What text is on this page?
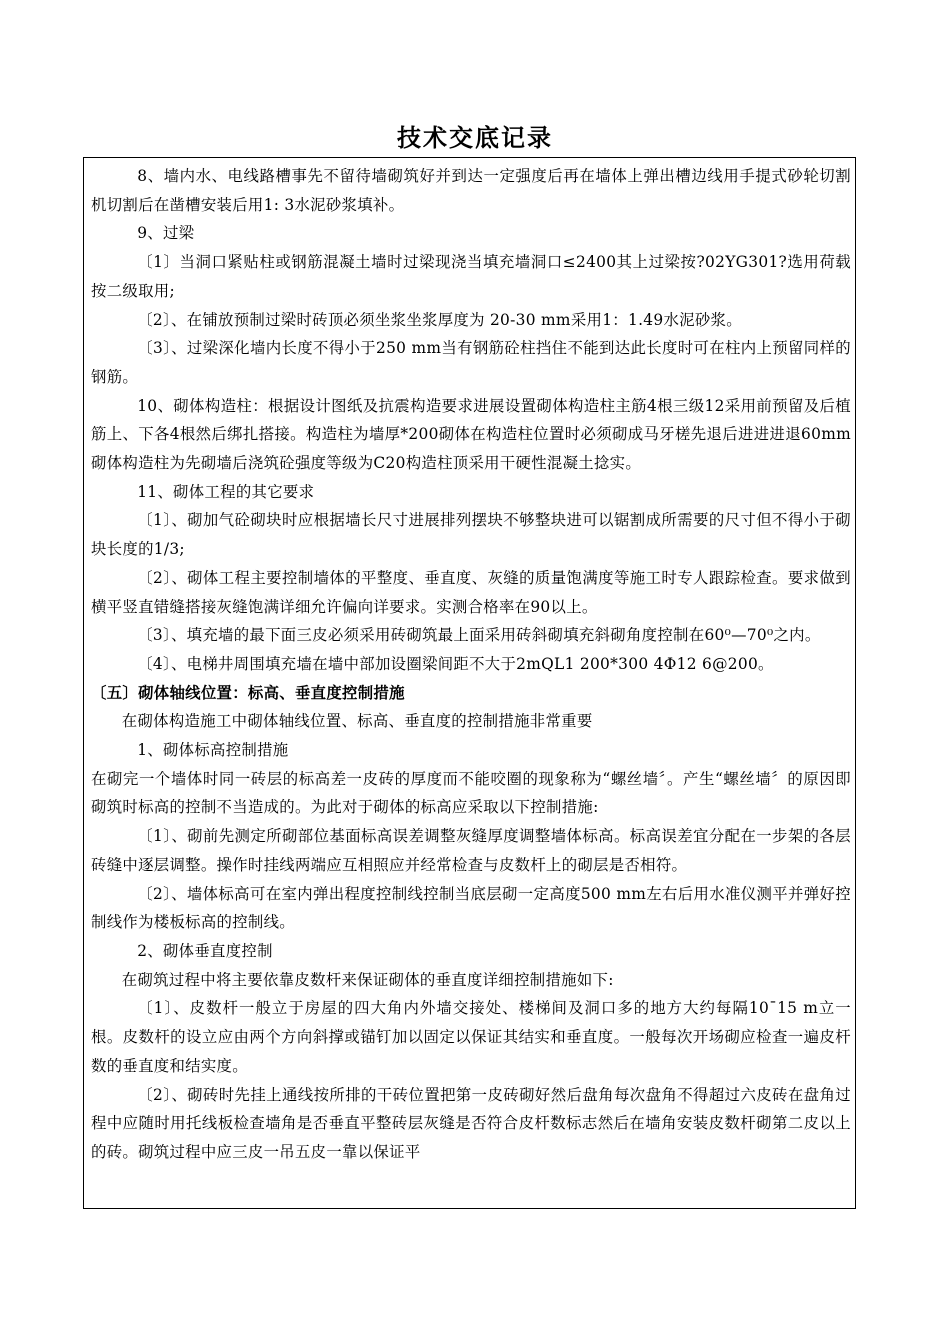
技术交底记录

8、墙内水、电线路槽事先不留待墙砌筑好并到达一定强度后再在墙体上弹出槽边线用手提式砂轮切割机切割后在凿槽安装后用1: 3水泥砂浆填补。

9、过梁

〔1〕当洞口紧贴柱或钢筋混凝土墙时过梁现浇当填充墙洞口≤2400其上过梁按?02YG301?选用荷载按二级取用;

〔2〕、在铺放预制过梁时砖顶必须坐浆坐浆厚度为 20-30 mm采用1：1.49水泥砂浆。

〔3〕、过梁深化墙内长度不得小于250 mm当有钢筋砼柱挡住不能到达此长度时可在柱内上预留同样的钢筋。

10、砌体构造柱：根据设计图纸及抗震构造要求进展设置砌体构造柱主筋4根三级12采用前预留及后植筋上、下各4根然后绑扎搭接。构造柱为墙厚*200砌体在构造柱位置时必须砌成马牙槎先退后进进进退60mm砌体构造柱为先砌墙后浇筑砼强度等级为C20构造柱顶采用干硬性混凝土捻实。

11、砌体工程的其它要求

〔1〕、砌加气砼砌块时应根据墙长尺寸进展排列摆块不够整块进可以锯割成所需要的尺寸但不得小于砌块长度的1/3;

〔2〕、砌体工程主要控制墙体的平整度、垂直度、灰缝的质量饱满度等施工时专人跟踪检查。要求做到横平竖直错缝搭接灰缝饱满详细允许偏向详要求。实测合格率在90以上。

〔3〕、填充墙的最下面三皮必须采用砖砌筑最上面采用砖斜砌填充斜砌角度控制在60⁰—70⁰之内。

〔4〕、电梯井周围填充墙在墙中部加设圈梁间距不大于2mQL1 200*300 4Φ12 6@200。

〔五〕砌体轴线位置：标高、垂直度控制措施

在砌体构造施工中砌体轴线位置、标高、垂直度的控制措施非常重要

1、砌体标高控制措施

在砌完一个墙体时同一砖层的标高差一皮砖的厚度而不能咬圈的现象称为“螺丝墙〞。产生“螺丝墙〞的原因即砌筑时标高的控制不当造成的。为此对于砌体的标高应采取以下控制措施:

〔1〕、砌前先测定所砌部位基面标高误差调整灰缝厚度调整墙体标高。标高误差宜分配在一步架的各层砖缝中逐层调整。操作时挂线两端应互相照应并经常检查与皮数杆上的砌层是否相符。

〔2〕、墙体标高可在室内弹出程度控制线控制当底层砌一定高度500 mm左右后用水准仪测平并弹好控制线作为楼板标高的控制线。

2、砌体垂直度控制

在砌筑过程中将主要依靠皮数杆来保证砌体的垂直度详细控制措施如下:

〔1〕、皮数杆一般立于房屋的四大角内外墙交接处、楼梯间及洞口多的地方大约每隔10¯15 m立一根。皮数杆的设立应由两个方向斜撑或锚钉加以固定以保证其结实和垂直度。一般每次开场砌应检查一遍皮杆数的垂直度和结实度。

〔2〕、砌砖时先挂上通线按所排的干砖位置把第一皮砖砌好然后盘角每次盘角不得超过六皮砖在盘角过程中应随时用托线板检查墙角是否垂直平整砖层灰缝是否符合皮杆数标志然后在墙角安装皮数杆砌第二皮以上的砖。砌筑过程中应三皮一吊五皮一靠以保证平
